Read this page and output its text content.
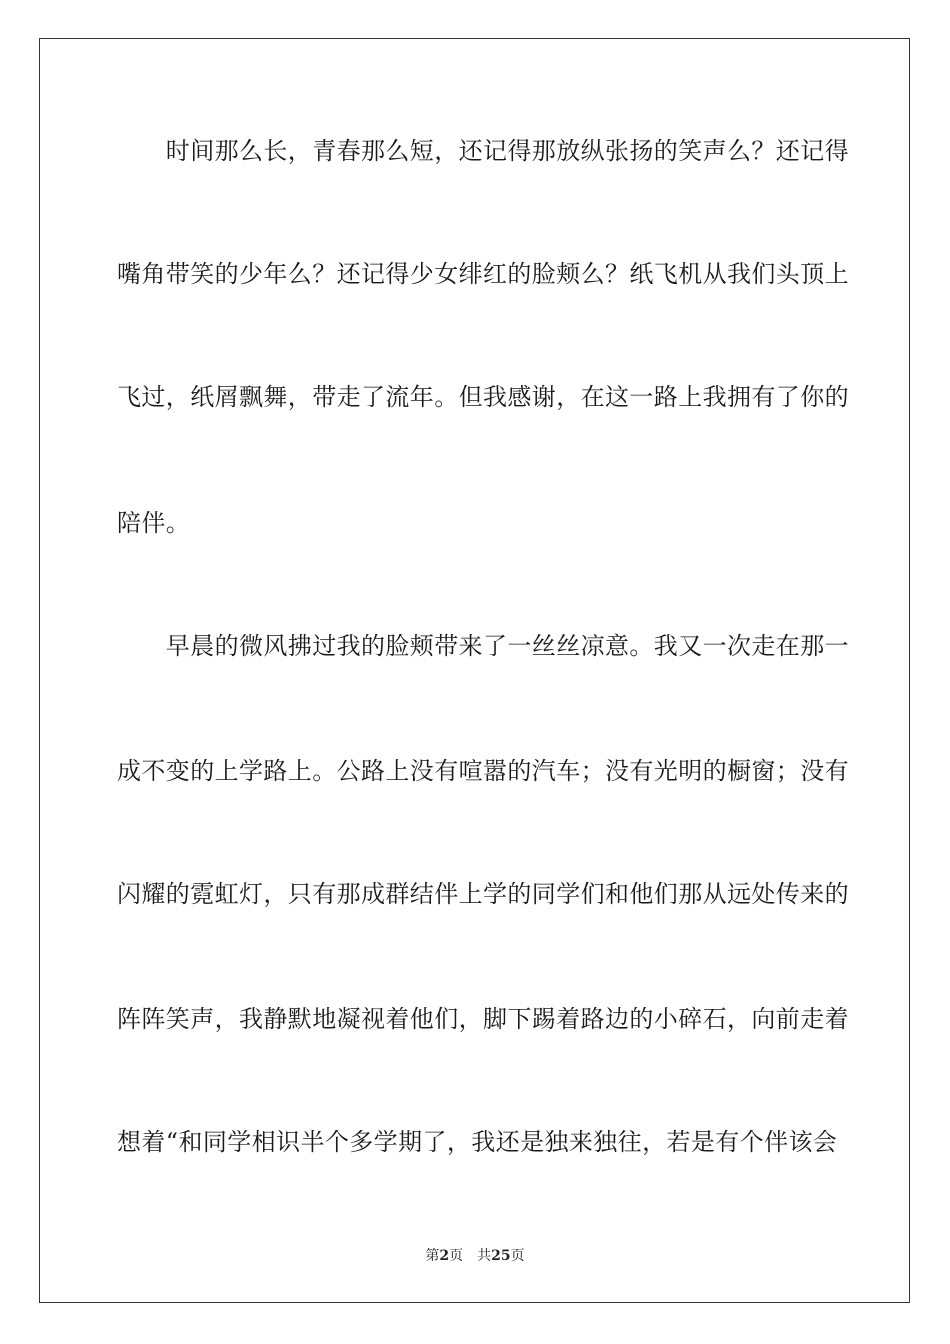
　　时间那么长，青春那么短，还记得那放纵张扬的笑声么？还记得
嘴角带笑的少年么？还记得少女绯红的脸颊么？纸飞机从我们头顶上
飞过，纸屑飘舞，带走了流年。但我感谢，在这一路上我拥有了你的
陪伴。
　　早晨的微风拂过我的脸颊带来了一丝丝凉意。我又一次走在那一
成不变的上学路上。公路上没有喧嚣的汽车；没有光明的橱窗；没有
闪耀的霓虹灯，只有那成群结伴上学的同学们和他们那从远处传来的
阵阵笑声，我静默地凝视着他们，脚下踢着路边的小碎石，向前走着
想着“和同学相识半个多学期了，我还是独来独往，若是有个伴该会
第2页 共25页
